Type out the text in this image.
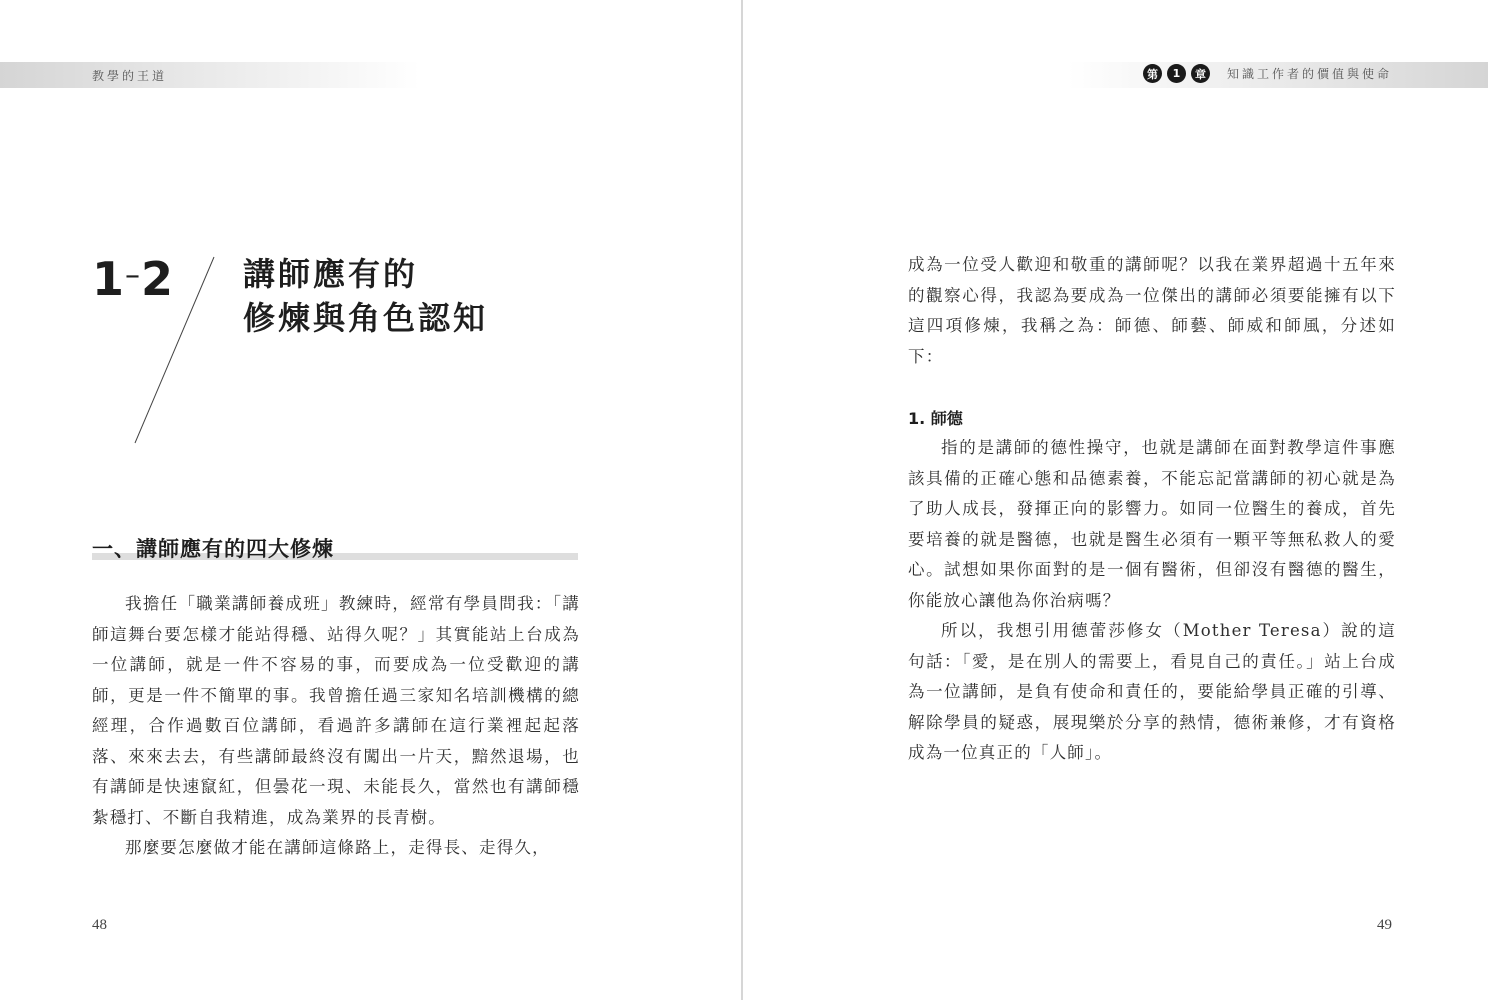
教學的王道
1–2 講師應有的
修煉與角色認知
一、講師應有的四大修煉

我擔任「職業講師養成班」教練時，經常有學員問我：「講師這舞台要怎樣才能站得穩、站得久呢？」其實能站上台成為一位講師，就是一件不容易的事，而要成為一位受歡迎的講師，更是一件不簡單的事。我曾擔任過三家知名培訓機構的總經理，合作過數百位講師，看過許多講師在這行業裡起起落落、來來去去，有些講師最終沒有闖出一片天，黯然退場，也有講師是快速竄紅，但曇花一現、未能長久，當然也有講師穩紮穩打、不斷自我精進，成為業界的長青樹。

那麼要怎麼做才能在講師這條路上，走得長、走得久，

48
第	1	章	知識工作者的價值與使命

成為一位受人歡迎和敬重的講師呢？以我在業界超過十五年來的觀察心得，我認為要成為一位傑出的講師必須要能擁有以下這四項修煉，我稱之為：師德、師藝、師威和師風，分述如下：

1. 師德

指的是講師的德性操守，也就是講師在面對教學這件事應該具備的正確心態和品德素養，不能忘記當講師的初心就是為了助人成長，發揮正向的影響力。如同一位醫生的養成，首先要培養的就是醫德，也就是醫生必須有一顆平等無私救人的愛心。試想如果你面對的是一個有醫術，但卻沒有醫德的醫生，你能放心讓他為你治病嗎？

所以，我想引用德蕾莎修女（Mother Teresa）說的這句話：「愛，是在別人的需要上，看見自己的責任。」站上台成為一位講師，是負有使命和責任的，要能給學員正確的引導、解除學員的疑惑，展現樂於分享的熱情，德術兼修，才有資格成為一位真正的「人師」。

49
